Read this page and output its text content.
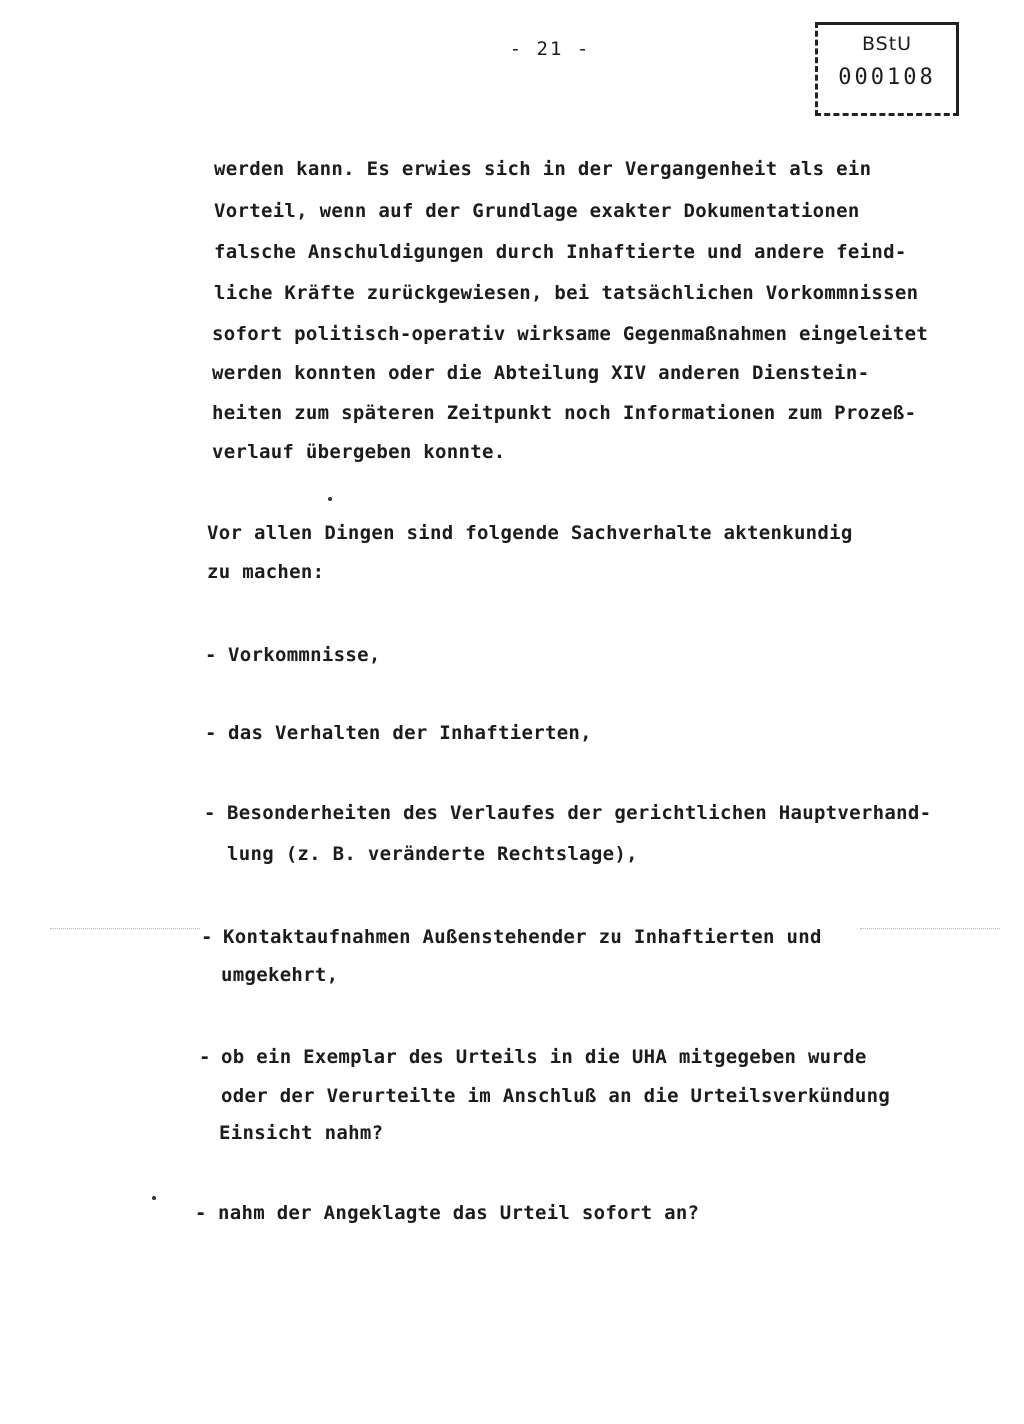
- 21 -	BStU
000108
werden kann. Es erwies sich in der Vergangenheit als ein
Vorteil, wenn auf der Grundlage exakter Dokumentationen
falsche Anschuldigungen durch Inhaftierte und andere feind-
liche Kräfte zurückgewiesen, bei tatsächlichen Vorkommnissen
sofort politisch-operativ wirksame Gegenmaßnahmen eingeleitet
werden konnten oder die Abteilung XIV anderen Dienstein-
heiten zum späteren Zeitpunkt noch Informationen zum Prozeß-
verlauf übergeben konnte.
Vor allen Dingen sind folgende Sachverhalte aktenkundig
zu machen:
- Vorkommnisse,
- das Verhalten der Inhaftierten,
- Besonderheiten des Verlaufes der gerichtlichen Hauptverhand-
lung (z. B. veränderte Rechtslage),
- Kontaktaufnahmen Außenstehender zu Inhaftierten und
umgekehrt,
- ob ein Exemplar des Urteils in die UHA mitgegeben wurde
oder der Verurteilte im Anschluß an die Urteilsverkündung
Einsicht nahm?
- nahm der Angeklagte das Urteil sofort an?
